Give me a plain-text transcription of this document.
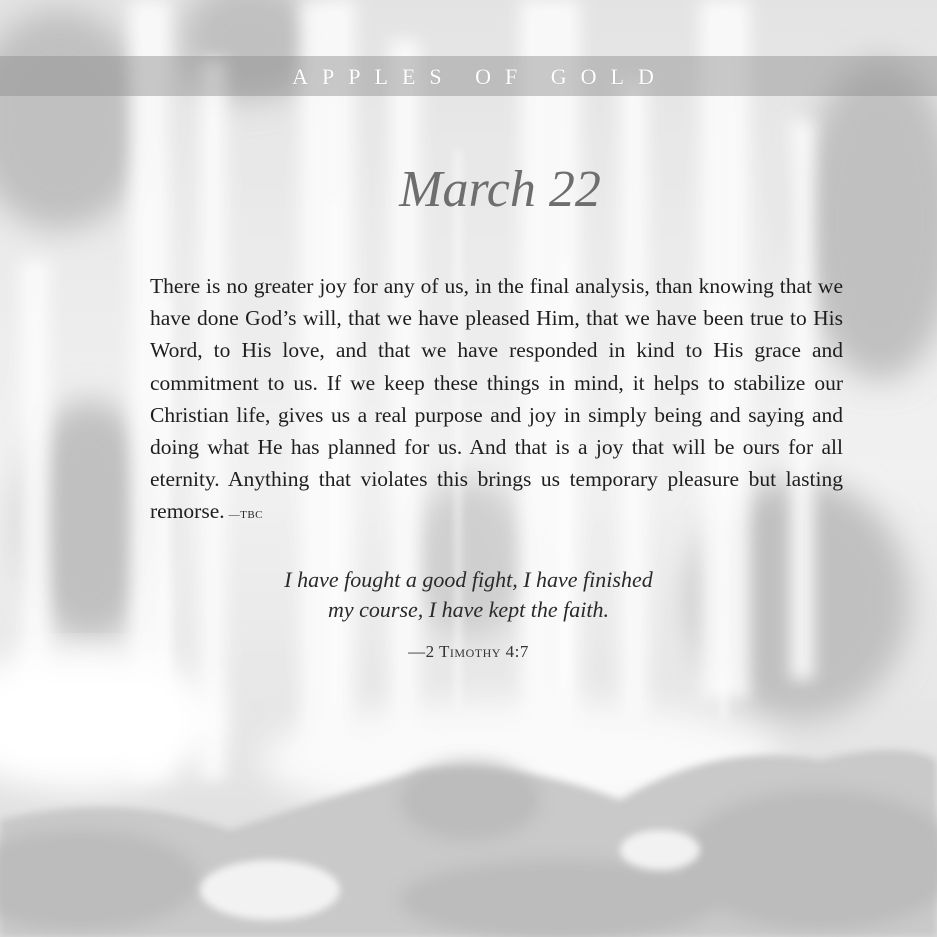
APPLES OF GOLD
March 22

There is no greater joy for any of us, in the final analysis, than knowing that we have done God’s will, that we have pleased Him, that we have been true to His Word, to His love, and that we have responded in kind to His grace and commitment to us. If we keep these things in mind, it helps to stabilize our Christian life, gives us a real purpose and joy in simply being and saying and doing what He has planned for us. And that is a joy that will be ours for all eternity. Anything that violates this brings us temporary pleasure but lasting remorse. —TBC

I have fought a good fight, I have finished
my course, I have kept the faith.
—2 Timothy 4:7
